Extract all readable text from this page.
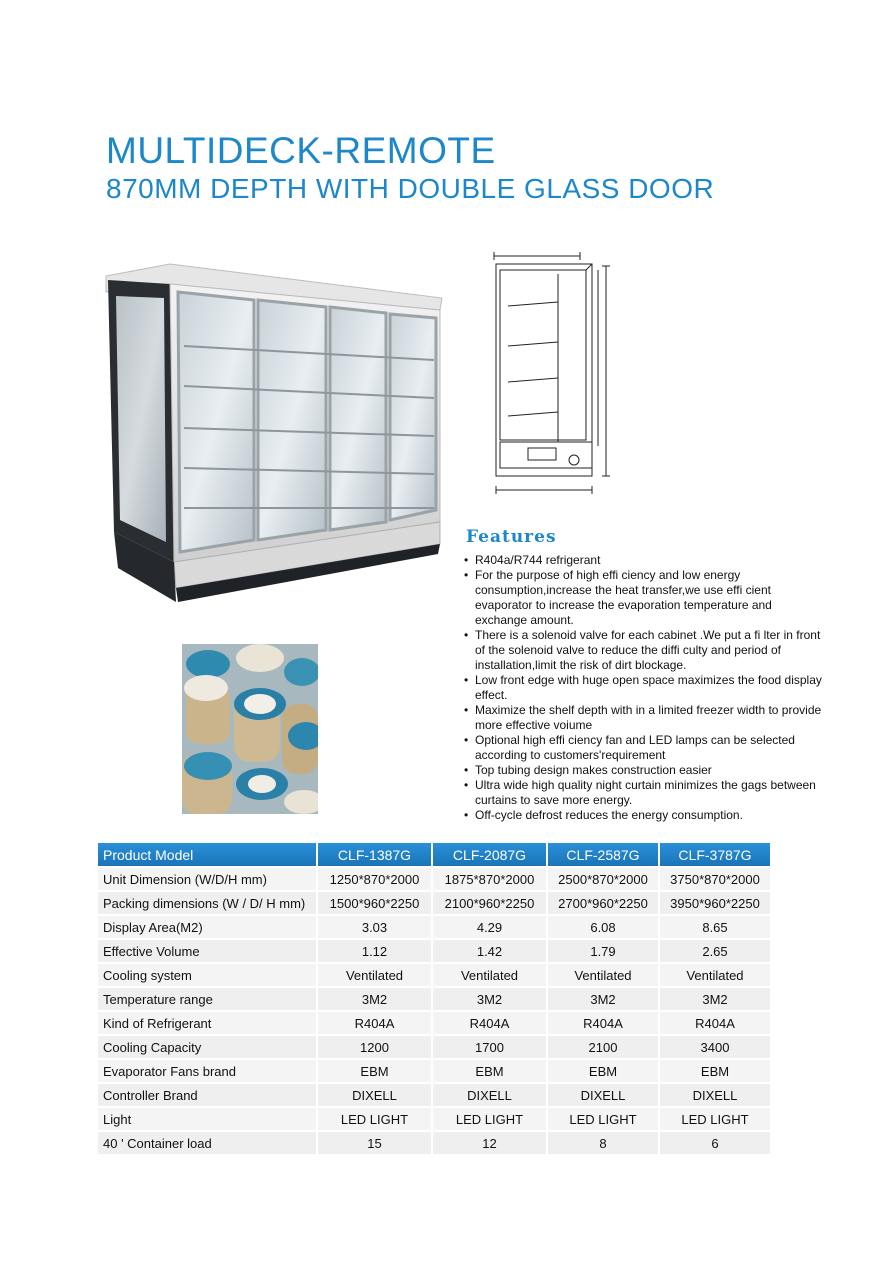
MULTIDECK-REMOTE
870MM DEPTH WITH DOUBLE GLASS DOOR
Features
• R404a/R744 refrigerant
• For the purpose of high effi ciency and low energy consumption,increase the heat transfer,we use effi cient evaporator to increase the evaporation temperature and exchange amount.
• There is a solenoid valve for each cabinet .We put a fi lter in front of the solenoid valve to reduce the diffi culty and period of installation,limit the risk of dirt blockage.
• Low front edge with huge open space maximizes the food display effect.
• Maximize the shelf depth with in a limited freezer width to provide more effective voiume
• Optional high effi ciency fan and LED lamps can be selected according to customers'requirement
• Top tubing design makes construction easier
• Ultra wide high quality night curtain minimizes the gags between curtains to save more energy.
• Off-cycle defrost reduces the energy consumption.
Product Model	CLF-1387G	CLF-2087G	CLF-2587G	CLF-3787G
Unit Dimension (W/D/H mm)	1250*870*2000	1875*870*2000	2500*870*2000	3750*870*2000
Packing dimensions (W / D/ H mm)	1500*960*2250	2100*960*2250	2700*960*2250	3950*960*2250
Display Area(M2)	3.03	4.29	6.08	8.65
Effective Volume	1.12	1.42	1.79	2.65
Cooling system	Ventilated	Ventilated	Ventilated	Ventilated
Temperature range	3M2	3M2	3M2	3M2
Kind of Refrigerant	R404A	R404A	R404A	R404A
Cooling Capacity	1200	1700	2100	3400
Evaporator Fans brand	EBM	EBM	EBM	EBM
Controller Brand	DIXELL	DIXELL	DIXELL	DIXELL
Light	LED LIGHT	LED LIGHT	LED LIGHT	LED LIGHT
40 ' Container load	15	12	8	6
